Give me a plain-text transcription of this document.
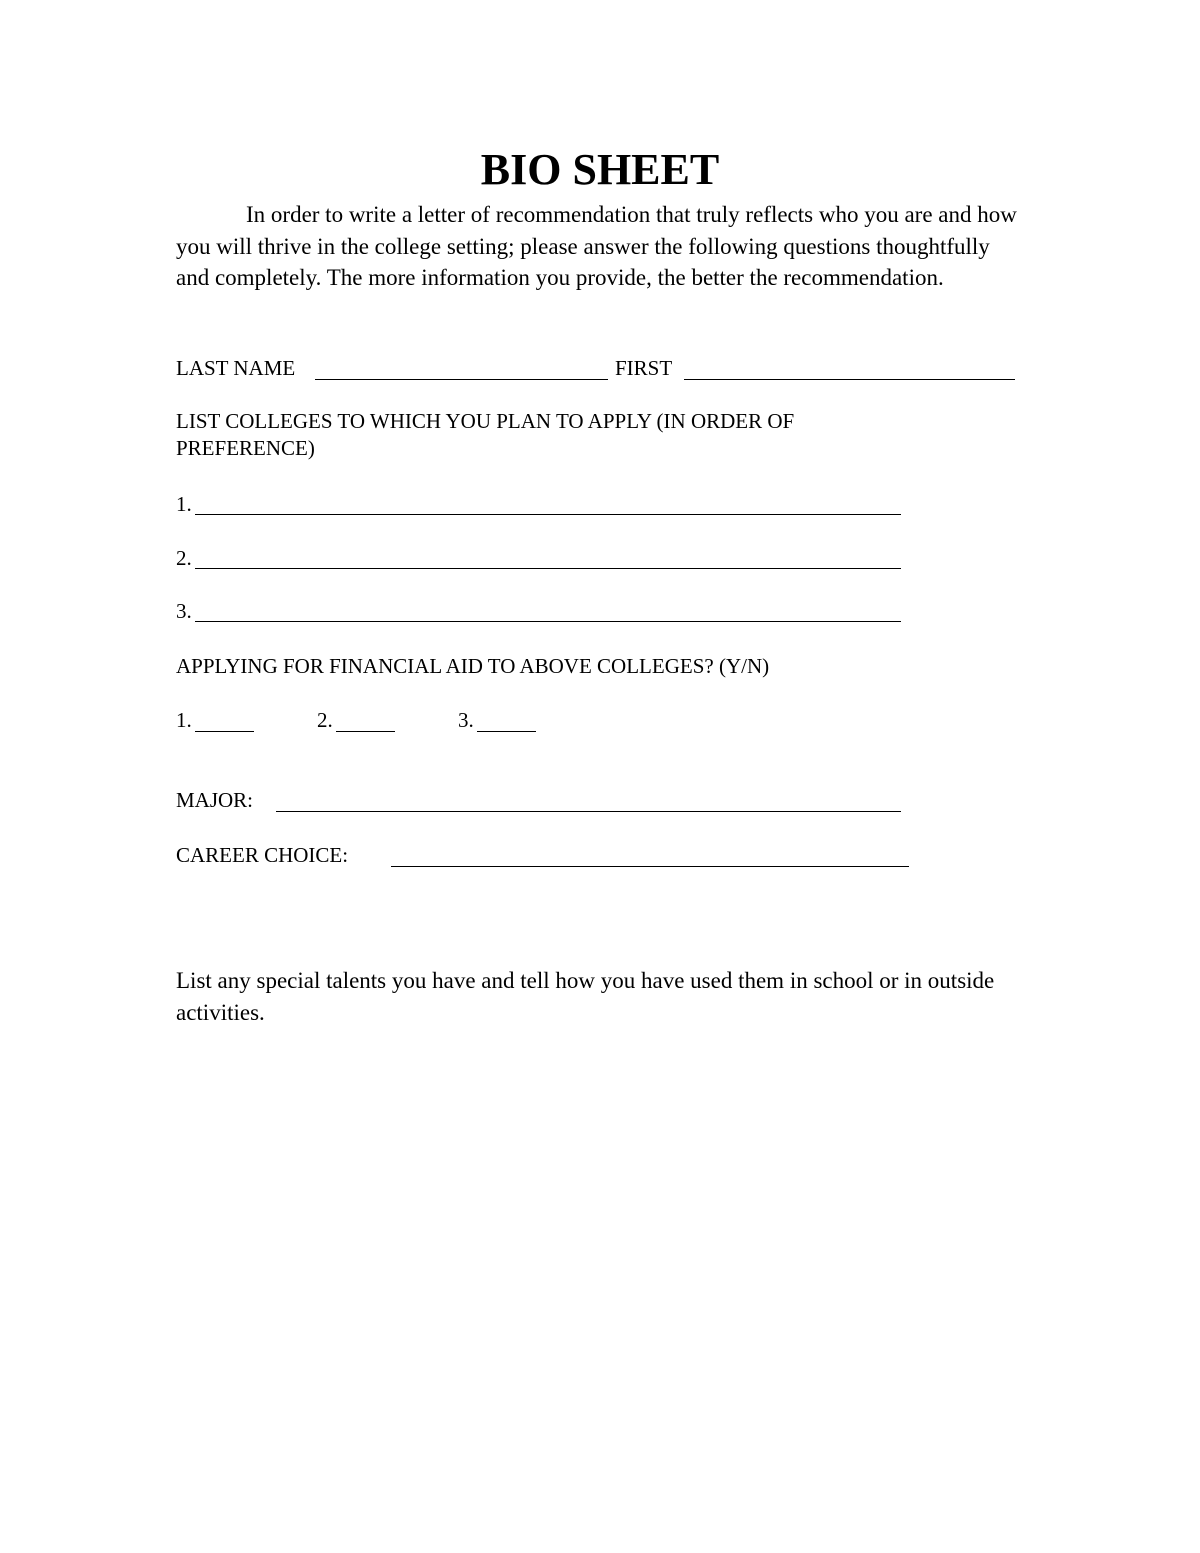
BIO SHEET
In order to write a letter of recommendation that truly reflects who you are and how you will thrive in the college setting; please answer the following questions thoughtfully and completely. The more information you provide, the better the recommendation.
LAST NAME	FIRST
LIST COLLEGES TO WHICH YOU PLAN TO APPLY (IN ORDER OF
PREFERENCE)
1.
2.
3.
APPLYING FOR FINANCIAL AID TO ABOVE COLLEGES? (Y/N)
1.	2.	3.
MAJOR:
CAREER CHOICE:
List any special talents you have and tell how you have used them in school or in outside activities.
